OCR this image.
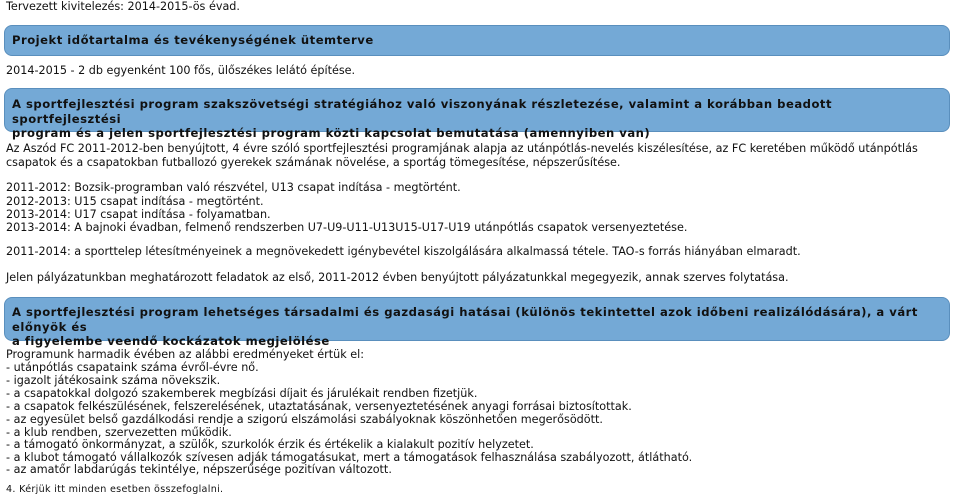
Tervezett kivitelezés: 2014-2015-ös évad.
Projekt időtartalma és tevékenységének ütemterve
2014-2015 - 2 db egyenként 100 fős, ülőszékes lelátó építése.
A sportfejlesztési program szakszövetségi stratégiához való viszonyának részletezése, valamint a korábban beadott sportfejlesztési
program és a jelen sportfejlesztési program közti kapcsolat bemutatása (amennyiben van)
Az Aszód FC 2011-2012-ben benyújtott, 4 évre szóló sportfejlesztési programjának alapja az utánpótlás-nevelés kiszélesítése, az FC keretében működő utánpótlás
csapatok és a csapatokban futballozó gyerekek számának növelése, a sportág tömegesítése, népszerűsítése.
2011-2012: Bozsik-programban való részvétel, U13 csapat indítása - megtörtént.
2012-2013: U15 csapat indítása - megtörtént.
2013-2014: U17 csapat indítása - folyamatban.
2013-2014: A bajnoki évadban, felmenő rendszerben U7-U9-U11-U13U15-U17-U19 utánpótlás csapatok versenyeztetése.
2011-2014: a sporttelep létesítményeinek a megnövekedett igénybevétel kiszolgálására alkalmassá tétele. TAO-s forrás hiányában elmaradt.
Jelen pályázatunkban meghatározott feladatok az első, 2011-2012 évben benyújtott pályázatunkkal megegyezik, annak szerves folytatása.
A sportfejlesztési program lehetséges társadalmi és gazdasági hatásai (különös tekintettel azok időbeni realizálódására), a várt előnyök és
a figyelembe veendő kockázatok megjelölése
Programunk harmadik évében az alábbi eredményeket értük el:
- utánpótlás csapataink száma évről-évre nő.
- igazolt játékosaink száma növekszik.
- a csapatokkal dolgozó szakemberek megbízási díjait és járulékait rendben fizetjük.
- a csapatok felkészülésének, felszerelésének, utaztatásának, versenyeztetésének anyagi forrásai biztosítottak.
- az egyesület belső gazdálkodási rendje a szigorú elszámolási szabályoknak köszönhetően megerősödött.
- a klub rendben, szervezetten működik.
- a támogató önkormányzat, a szülők, szurkolók érzik és értékelik a kialakult pozitív helyzetet.
- a klubot támogató vállalkozók szívesen adják támogatásukat, mert a támogatások felhasználása szabályozott, átlátható.
- az amatőr labdarúgás tekintélye, népszerűsége pozitívan változott.
4. Kérjük itt minden esetben összefoglalni.
